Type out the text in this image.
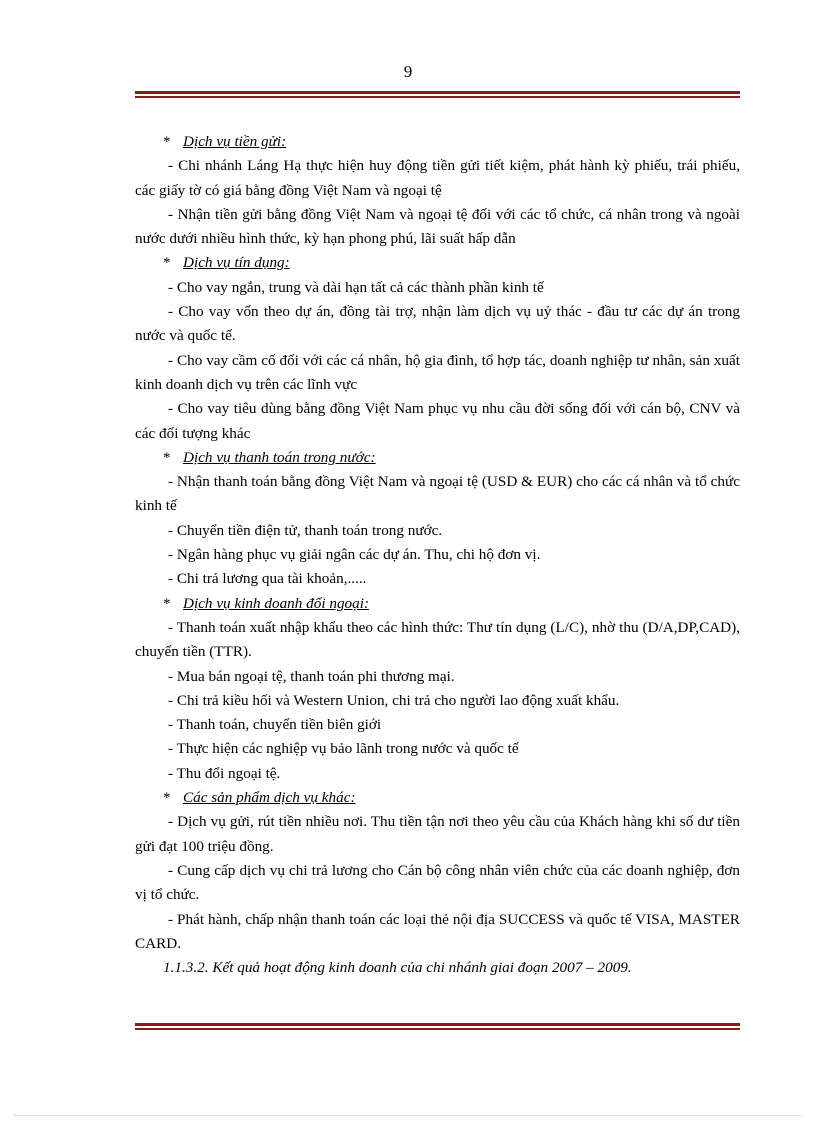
9
* Dịch vụ tiền gửi:
- Chi nhánh Láng Hạ thực hiện huy động tiền gửi tiết kiệm, phát hành kỳ phiếu, trái phiếu, các giấy tờ có giá bằng đồng Việt Nam và ngoại tệ
- Nhận tiền gửi bằng đồng Việt Nam và ngoại tệ đối với các tổ chức, cá nhân trong và ngoài nước dưới nhiều hình thức, kỳ hạn phong phú, lãi suất hấp dẫn
* Dịch vụ tín dụng:
- Cho vay ngắn, trung và dài hạn tất cả các thành phần kinh tế
- Cho vay vốn theo dự án, đồng tài trợ, nhận làm dịch vụ uỷ thác - đầu tư các dự án trong nước và quốc tế.
- Cho vay cầm cố đối với các cá nhân, hộ gia đình, tổ hợp tác, doanh nghiệp tư nhân, sản xuất kinh doanh dịch vụ trên các lĩnh vực
- Cho vay tiêu dùng bằng đồng Việt Nam phục vụ nhu cầu đời sống đối với cán bộ, CNV và các đối tượng khác
* Dịch vụ thanh toán trong nước:
- Nhận thanh toán bằng đồng Việt Nam và ngoại tệ (USD & EUR) cho các cá nhân và tổ chức kinh tế
- Chuyển tiền điện tử, thanh toán trong nước.
- Ngân hàng phục vụ giải ngân các dự án. Thu, chi hộ đơn vị.
- Chi trả lương qua tài khoản,.....
* Dịch vụ kinh doanh đối ngoại:
- Thanh toán xuất nhập khẩu theo các hình thức: Thư tín dụng (L/C), nhờ thu (D/A,DP,CAD), chuyển tiền (TTR).
- Mua bán ngoại tệ, thanh toán phi thương mại.
- Chi trả kiều hối và Western Union, chi trả cho người lao động xuất khẩu.
- Thanh toán, chuyển tiền biên giới
- Thực hiện các nghiệp vụ bảo lãnh trong nước và quốc tế
- Thu đổi ngoại tệ.
* Các sản phẩm dịch vụ khác:
- Dịch vụ gửi, rút tiền nhiều nơi. Thu tiền tận nơi theo yêu cầu của Khách hàng khi số dư tiền gửi đạt 100 triệu đồng.
- Cung cấp dịch vụ chi trả lương cho Cán bộ công nhân viên chức của các doanh nghiệp, đơn vị tổ chức.
- Phát hành, chấp nhận thanh toán các loại thẻ nội địa SUCCESS và quốc tế VISA, MASTER CARD.
1.1.3.2. Kết quả hoạt động kinh doanh của chi nhánh giai đoạn 2007 – 2009.
